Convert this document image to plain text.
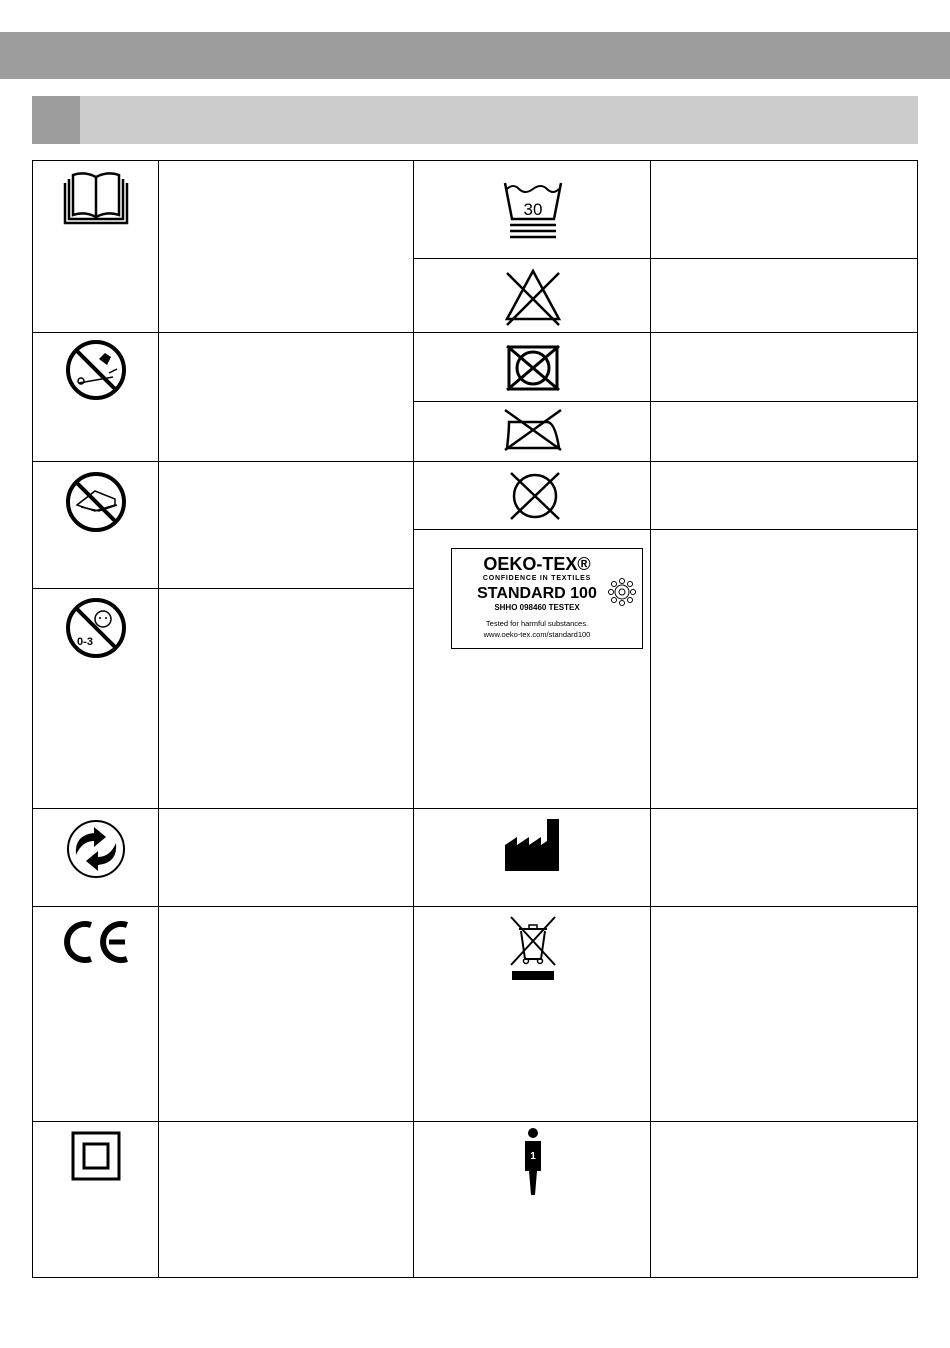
30
0-3
OEKO-TEX®
CONFIDENCE IN TEXTILES
STANDARD 100
SHHO 098460 TESTEX
Tested for harmful substances.
www.oeko-tex.com/standard100
1
